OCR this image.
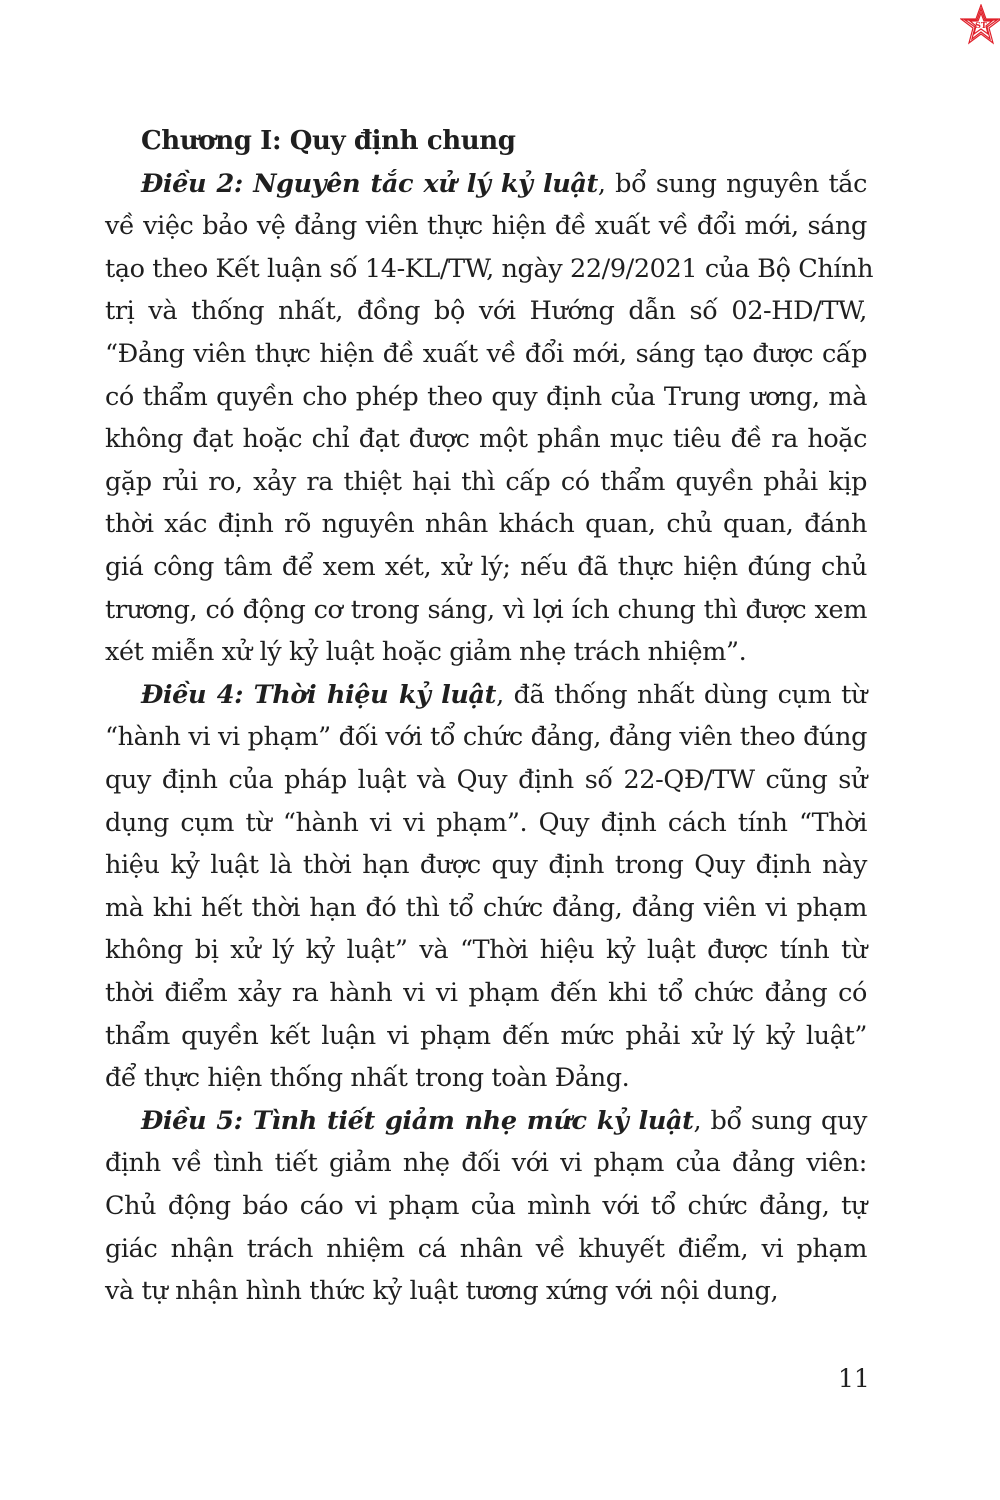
ST
Chương I: Quy định chung
Điều 2: Nguyên tắc xử lý kỷ luật, bổ sung nguyên tắc
về việc bảo vệ đảng viên thực hiện đề xuất về đổi mới, sáng
tạo theo Kết luận số 14-KL/TW, ngày 22/9/2021 của Bộ Chính
trị và thống nhất, đồng bộ với Hướng dẫn số 02-HD/TW,
“Đảng viên thực hiện đề xuất về đổi mới, sáng tạo được cấp
có thẩm quyền cho phép theo quy định của Trung ương, mà
không đạt hoặc chỉ đạt được một phần mục tiêu đề ra hoặc
gặp rủi ro, xảy ra thiệt hại thì cấp có thẩm quyền phải kịp
thời xác định rõ nguyên nhân khách quan, chủ quan, đánh
giá công tâm để xem xét, xử lý; nếu đã thực hiện đúng chủ
trương, có động cơ trong sáng, vì lợi ích chung thì được xem
xét miễn xử lý kỷ luật hoặc giảm nhẹ trách nhiệm”.
Điều 4: Thời hiệu kỷ luật, đã thống nhất dùng cụm từ
“hành vi vi phạm” đối với tổ chức đảng, đảng viên theo đúng
quy định của pháp luật và Quy định số 22-QĐ/TW cũng sử
dụng cụm từ “hành vi vi phạm”. Quy định cách tính “Thời
hiệu kỷ luật là thời hạn được quy định trong Quy định này
mà khi hết thời hạn đó thì tổ chức đảng, đảng viên vi phạm
không bị xử lý kỷ luật” và “Thời hiệu kỷ luật được tính từ
thời điểm xảy ra hành vi vi phạm đến khi tổ chức đảng có
thẩm quyền kết luận vi phạm đến mức phải xử lý kỷ luật”
để thực hiện thống nhất trong toàn Đảng.
Điều 5: Tình tiết giảm nhẹ mức kỷ luật, bổ sung quy
định về tình tiết giảm nhẹ đối với vi phạm của đảng viên:
Chủ động báo cáo vi phạm của mình với tổ chức đảng, tự
giác nhận trách nhiệm cá nhân về khuyết điểm, vi phạm
và tự nhận hình thức kỷ luật tương xứng với nội dung,
11
